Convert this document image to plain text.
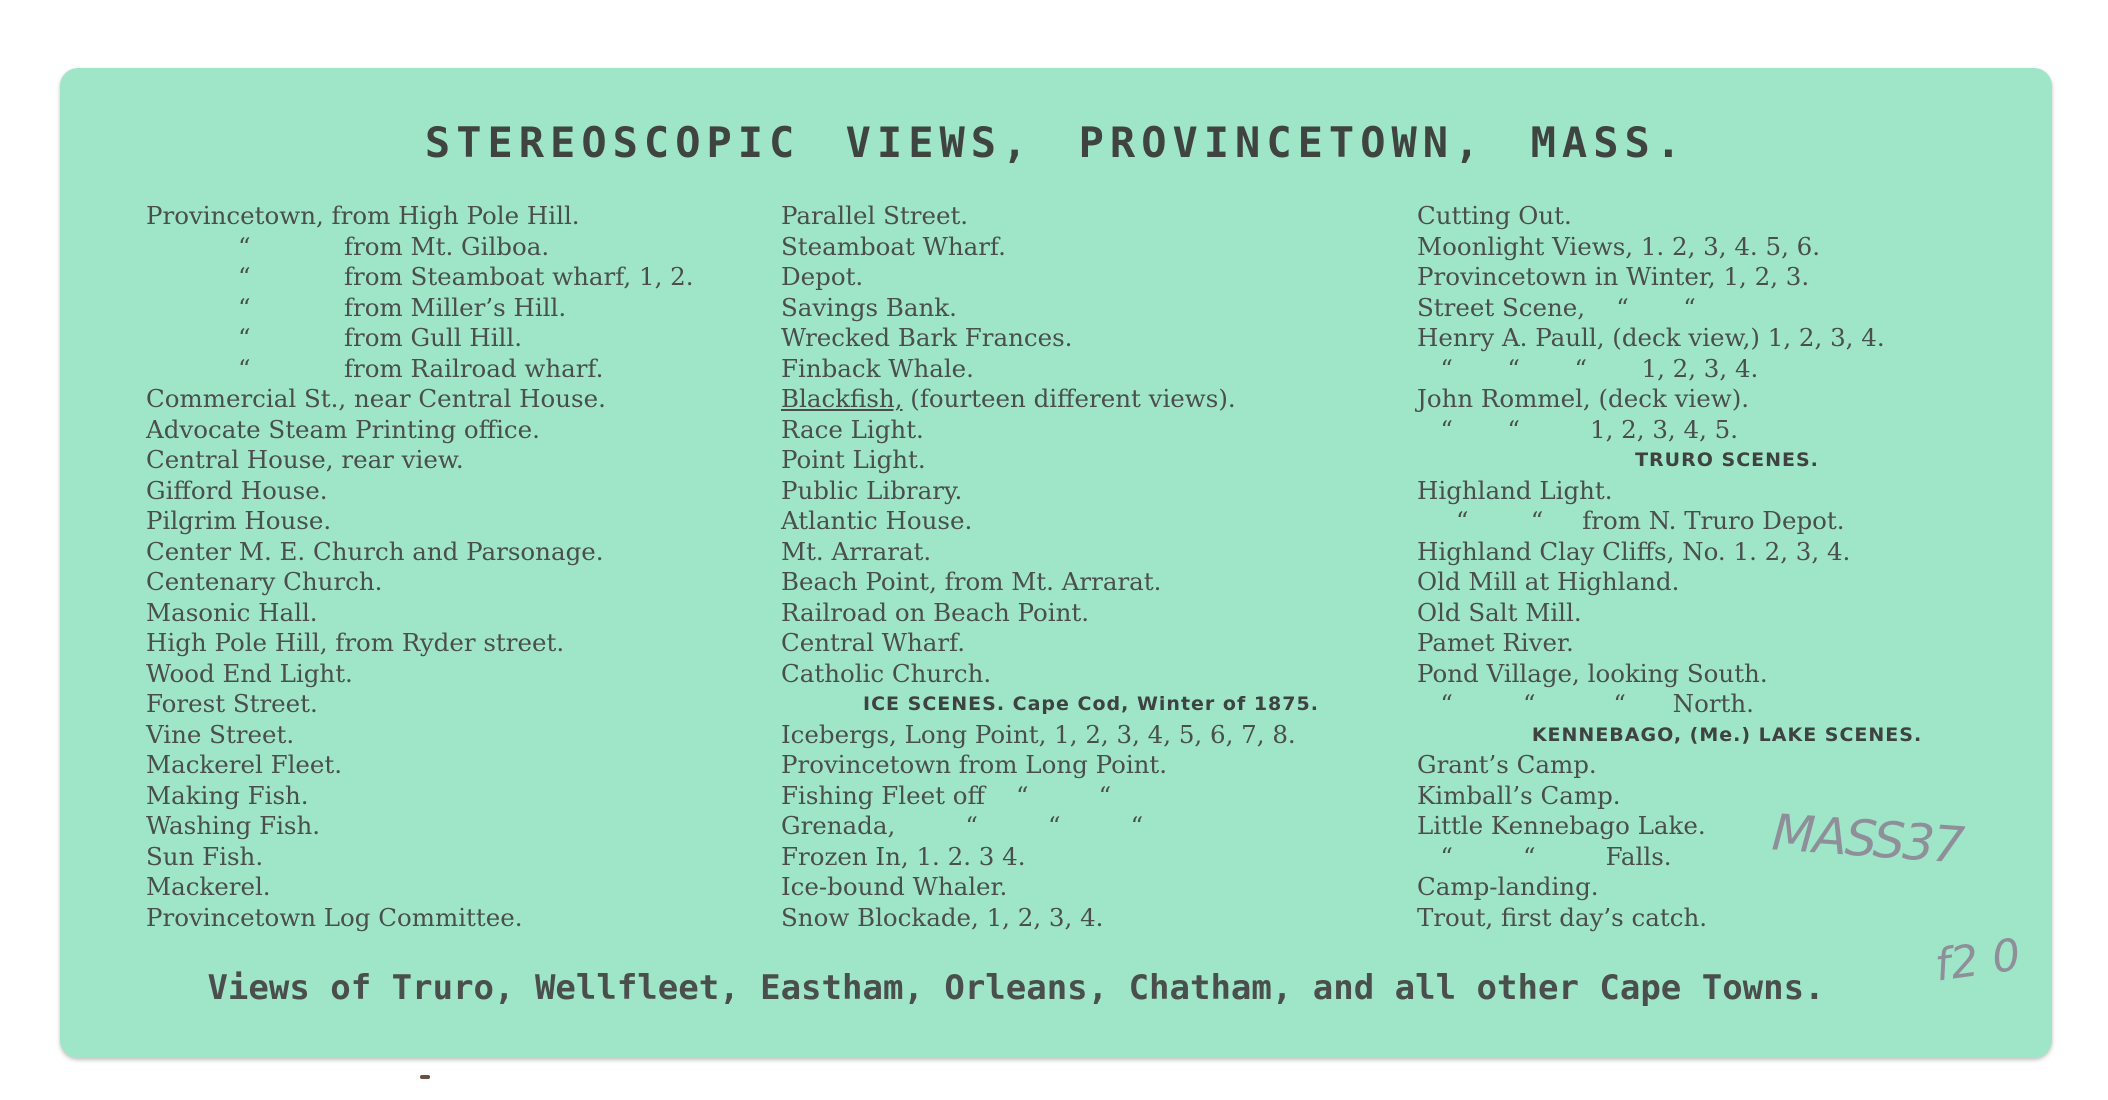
STEREOSCOPIC VIEWS, PROVINCETOWN, MASS.
Provincetown, from High Pole Hill.
“            from Mt. Gilboa.
“            from Steamboat wharf, 1, 2.
“            from Miller’s Hill.
“            from Gull Hill.
“            from Railroad wharf.
Commercial St., near Central House.
Advocate Steam Printing office.
Central House, rear view.
Gifford House.
Pilgrim House.
Center M. E. Church and Parsonage.
Centenary Church.
Masonic Hall.
High Pole Hill, from Ryder street.
Wood End Light.
Forest Street.
Vine Street.
Mackerel Fleet.
Making Fish.
Washing Fish.
Sun Fish.
Mackerel.
Provincetown Log Committee.
Parallel Street.
Steamboat Wharf.
Depot.
Savings Bank.
Wrecked Bark Frances.
Finback Whale.
Blackfish, (fourteen different views).
Race Light.
Point Light.
Public Library.
Atlantic House.
Mt. Arrarat.
Beach Point, from Mt. Arrarat.
Railroad on Beach Point.
Central Wharf.
Catholic Church.
ICE SCENES. Cape Cod, Winter of 1875.
Icebergs, Long Point, 1, 2, 3, 4, 5, 6, 7, 8.
Provincetown from Long Point.
Fishing Fleet off    “         “
Grenada,         “         “         “
Frozen In, 1. 2. 3 4.
Ice-bound Whaler.
Snow Blockade, 1, 2, 3, 4.
Cutting Out.
Moonlight Views, 1. 2, 3, 4. 5, 6.
Provincetown in Winter, 1, 2, 3.
Street Scene,    “       “
Henry A. Paull, (deck view,) 1, 2, 3, 4.
“       “       “       1, 2, 3, 4.
John Rommel, (deck view).
“       “         1, 2, 3, 4, 5.
TRURO SCENES.
Highland Light.
“        “     from N. Truro Depot.
Highland Clay Cliffs, No. 1. 2, 3, 4.
Old Mill at Highland.
Old Salt Mill.
Pamet River.
Pond Village, looking South.
“         “          “      North.
KENNEBAGO, (Me.) LAKE SCENES.
Grant’s Camp.
Kimball’s Camp.
Little Kennebago Lake.
“         “         Falls.
Camp-landing.
Trout, first day’s catch.
Views of Truro, Wellfleet, Eastham, Orleans, Chatham, and all other Cape Towns.
MASS37
f2 0
